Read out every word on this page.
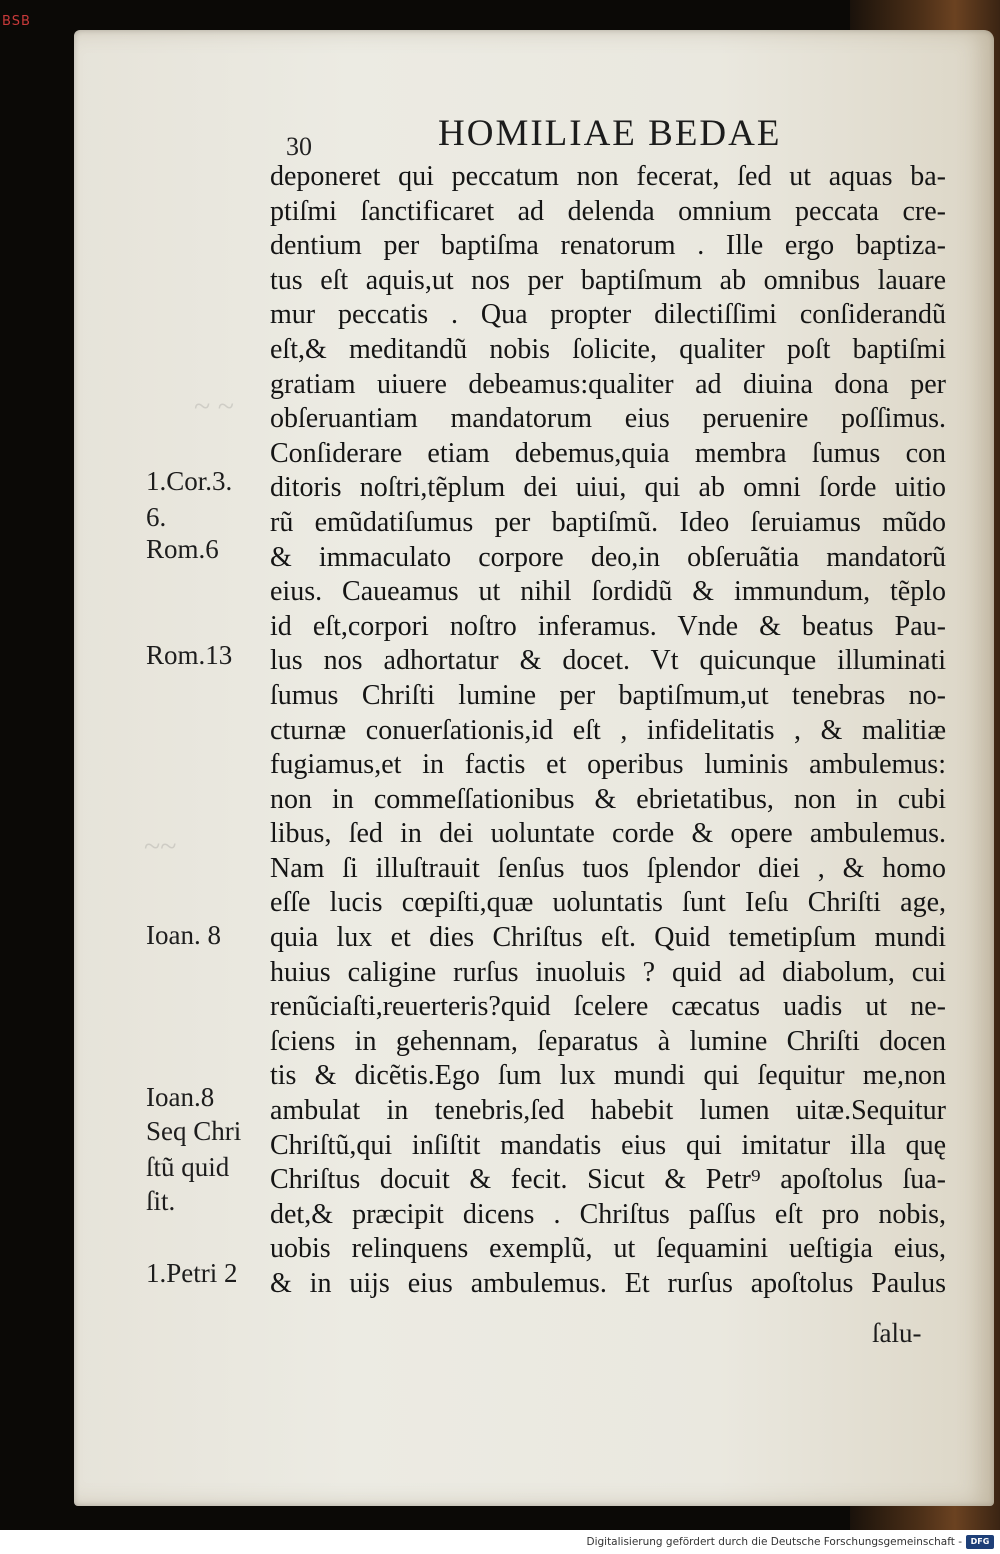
BSB
~ ~
~~
30	HOMILIAE BEDAE
deponeret qui peccatum non fecerat, ſed ut aquas ba-
ptiſmi ſanctificaret ad delenda omnium peccata cre-
dentium per baptiſma renatorum . Ille ergo baptiza-
tus eſt aquis,ut nos per baptiſmum ab omnibus lauare
mur peccatis . Qua propter dilectiſſimi conſiderandũ
eſt,& meditandũ nobis ſolicite, qualiter poſt baptiſmi
gratiam uiuere debeamus:qualiter ad diuina dona per
obſeruantiam mandatorum eius peruenire poſſimus.
Conſiderare etiam debemus,quia membra ſumus con
ditoris noſtri,tẽplum dei uiui, qui ab omni ſorde uitio
rũ emũdatiſumus per baptiſmũ. Ideo ſeruiamus mũdo
& immaculato corpore deo,in obſeruãtia mandatorũ
eius. Caueamus ut nihil ſordidũ & immundum, tẽplo
id eſt,corpori noſtro inferamus. Vnde & beatus Pau-
lus nos adhortatur & docet. Vt quicunque illuminati
ſumus Chriſti lumine per baptiſmum,ut tenebras no-
cturnæ conuerſationis,id eſt , infidelitatis , & malitiæ
fugiamus,et in factis et operibus luminis ambulemus:
non in commeſſationibus & ebrietatibus, non in cubi
libus, ſed in dei uoluntate corde & opere ambulemus.
Nam ſi illuſtrauit ſenſus tuos ſplendor diei , & homo
eſſe lucis cœpiſti,quæ uoluntatis ſunt Ieſu Chriſti age,
quia lux et dies Chriſtus eſt. Quid temetipſum mundi
huius caligine rurſus inuoluis ? quid ad diabolum, cui
renũciaſti,reuerteris?quid ſcelere cæcatus uadis ut ne-
ſciens in gehennam, ſeparatus à lumine Chriſti docen
tis & dicẽtis.Ego ſum lux mundi qui ſequitur me,non
ambulat in tenebris,ſed habebit lumen uitæ.Sequitur
Chriſtũ,qui inſiſtit mandatis eius qui imitatur illa quę
Chriſtus docuit & fecit. Sicut & Petr⁹ apoſtolus ſua-
det,& præcipit dicens . Chriſtus paſſus eſt pro nobis,
uobis relinquens exemplũ, ut ſequamini ueſtigia eius,
& in uijs eius ambulemus. Et rurſus apoſtolus Paulus
1.Cor.3.
6.
Rom.6
Rom.13
Ioan. 8
Ioan.8
Seq Chri
ſtũ quid
ſit.
1.Petri 2
ſalu-
Digitalisierung gefördert durch die Deutsche Forschungsgemeinschaft -	DFG
